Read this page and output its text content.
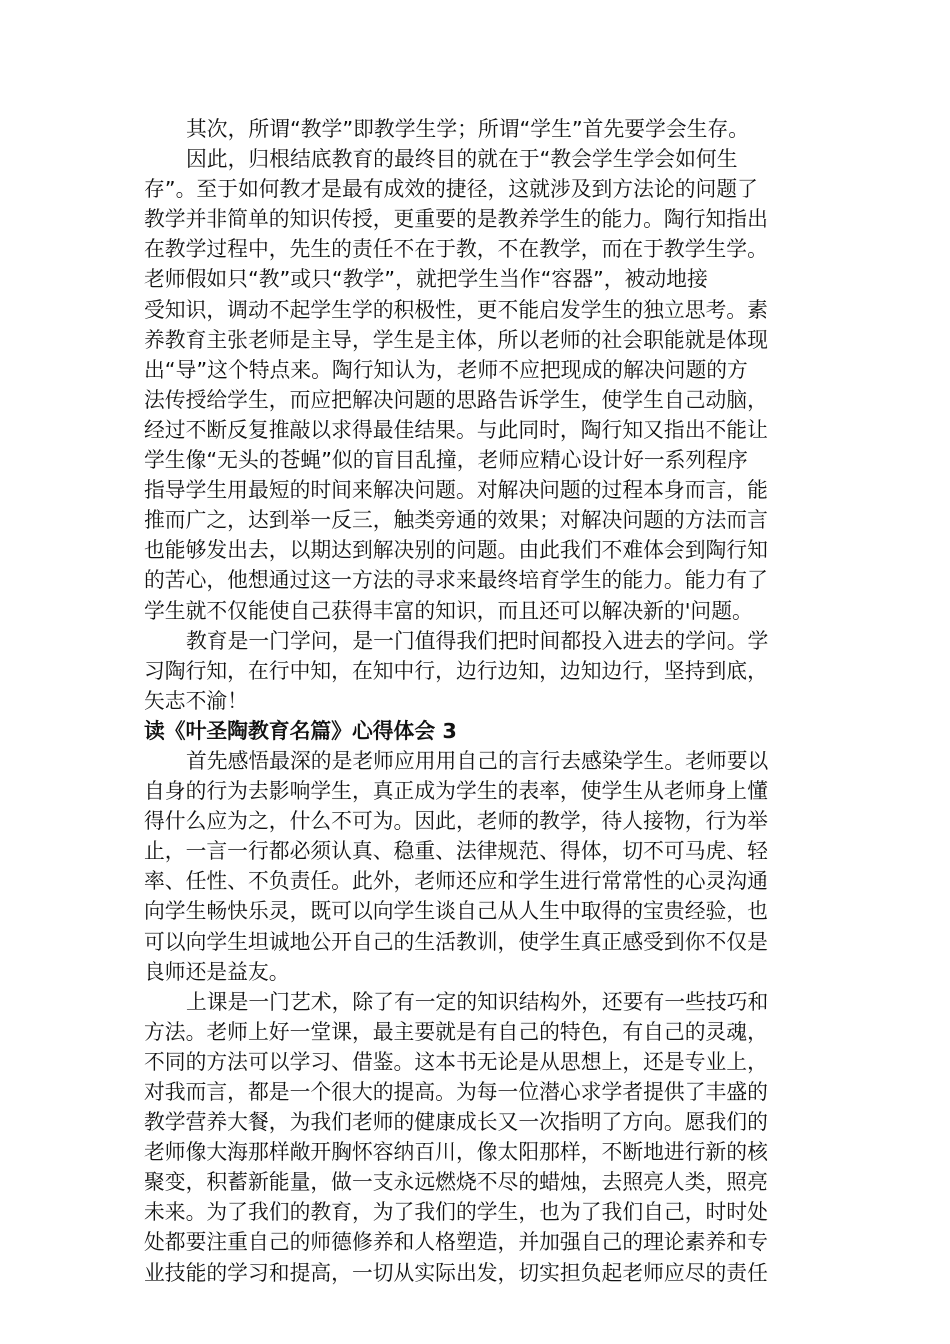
其次，所谓“教学”即教学生学；所谓“学生”首先要学会生存。
因此，归根结底教育的最终目的就在于“教会学生学会如何生
存”。至于如何教才是最有成效的捷径，这就涉及到方法论的问题了
教学并非简单的知识传授，更重要的是教养学生的能力。陶行知指出
在教学过程中，先生的责任不在于教，不在教学，而在于教学生学。
老师假如只“教”或只“教学”，就把学生当作“容器”，被动地接
受知识，调动不起学生学的积极性，更不能启发学生的独立思考。素
养教育主张老师是主导，学生是主体，所以老师的社会职能就是体现
出“导”这个特点来。陶行知认为，老师不应把现成的解决问题的方
法传授给学生，而应把解决问题的思路告诉学生，使学生自己动脑，
经过不断反复推敲以求得最佳结果。与此同时，陶行知又指出不能让
学生像“无头的苍蝇”似的盲目乱撞，老师应精心设计好一系列程序
指导学生用最短的时间来解决问题。对解决问题的过程本身而言，能
推而广之，达到举一反三，触类旁通的效果；对解决问题的方法而言
也能够发出去，以期达到解决别的问题。由此我们不难体会到陶行知
的苦心，他想通过这一方法的寻求来最终培育学生的能力。能力有了
学生就不仅能使自己获得丰富的知识，而且还可以解决新的'问题。
教育是一门学问，是一门值得我们把时间都投入进去的学问。学
习陶行知，在行中知，在知中行，边行边知，边知边行，坚持到底，
矢志不渝！
读《叶圣陶教育名篇》心得体会 3
首先感悟最深的是老师应用用自己的言行去感染学生。老师要以
自身的行为去影响学生，真正成为学生的表率，使学生从老师身上懂
得什么应为之，什么不可为。因此，老师的教学，待人接物，行为举
止，一言一行都必须认真、稳重、法律规范、得体，切不可马虎、轻
率、任性、不负责任。此外，老师还应和学生进行常常性的心灵沟通
向学生畅快乐灵，既可以向学生谈自己从人生中取得的宝贵经验，也
可以向学生坦诚地公开自己的生活教训，使学生真正感受到你不仅是
良师还是益友。
上课是一门艺术，除了有一定的知识结构外，还要有一些技巧和
方法。老师上好一堂课，最主要就是有自己的特色，有自己的灵魂，
不同的方法可以学习、借鉴。这本书无论是从思想上，还是专业上，
对我而言，都是一个很大的提高。为每一位潜心求学者提供了丰盛的
教学营养大餐，为我们老师的健康成长又一次指明了方向。愿我们的
老师像大海那样敞开胸怀容纳百川，像太阳那样，不断地进行新的核
聚变，积蓄新能量，做一支永远燃烧不尽的蜡烛，去照亮人类，照亮
未来。为了我们的教育，为了我们的学生，也为了我们自己，时时处
处都要注重自己的师德修养和人格塑造，并加强自己的理论素养和专
业技能的学习和提高，一切从实际出发，切实担负起老师应尽的责任
